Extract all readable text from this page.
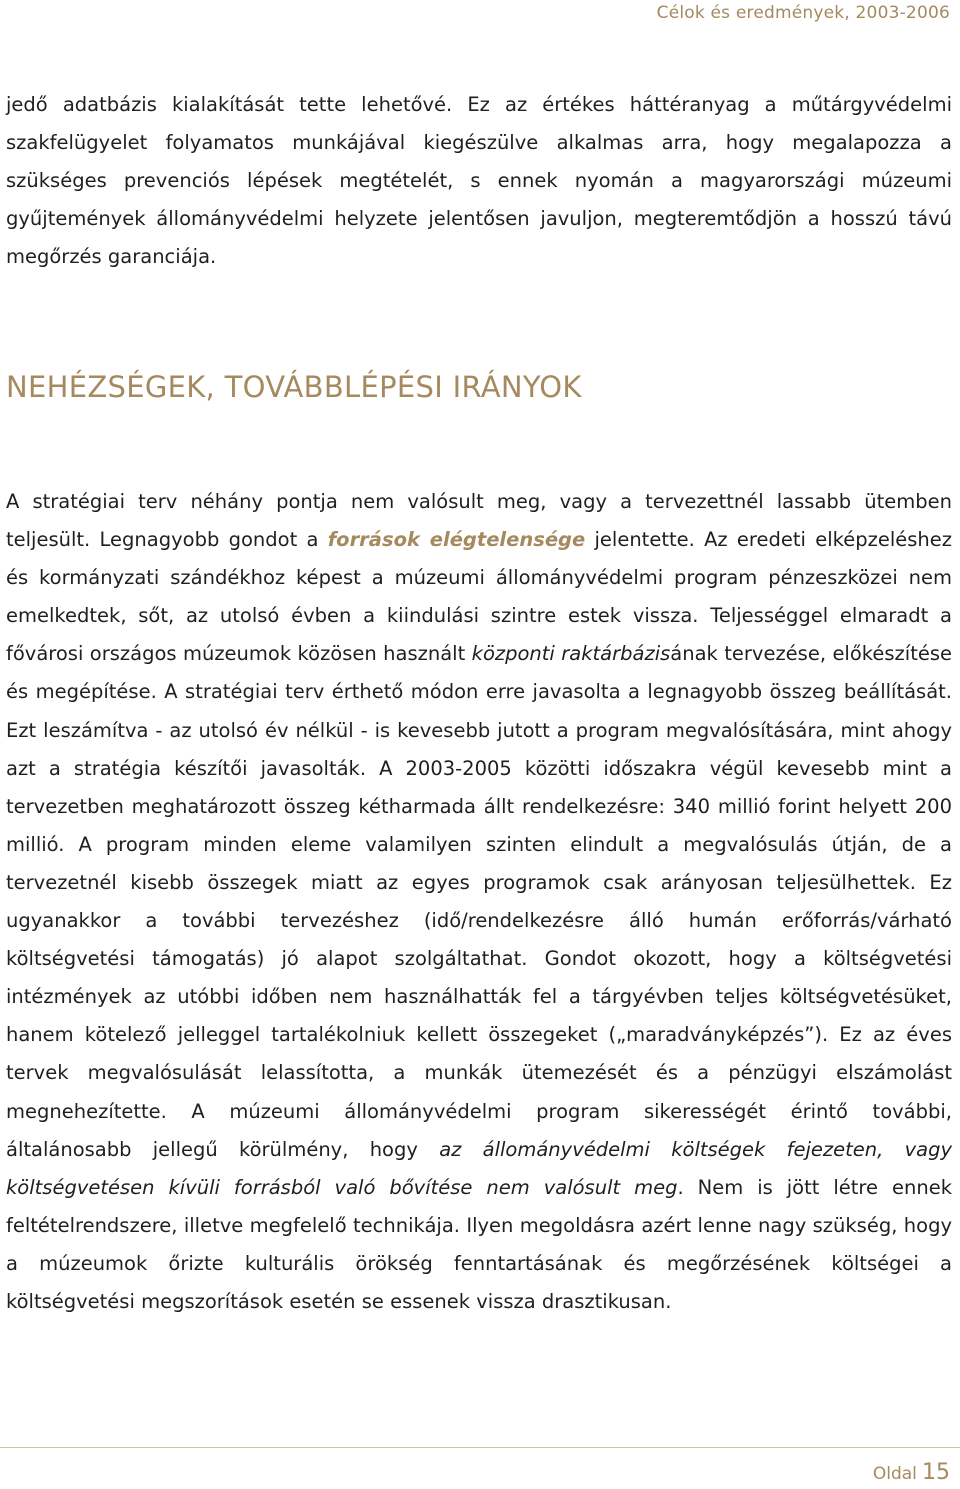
Célok és eredmények, 2003-2006

jedő adatbázis kialakítását tette lehetővé. Ez az értékes háttéranyag a műtárgyvédelmi szakfelügyelet folyamatos munkájával kiegészülve alkalmas arra, hogy megalapozza a szükséges prevenciós lépések megtételét, s ennek nyomán a magyarországi múzeumi gyűjtemények állományvédelmi helyzete jelentősen javuljon, megteremtődjön a hosszú távú megőrzés garanciája.

NEHÉZSÉGEK, TOVÁBBLÉPÉSI IRÁNYOK

A stratégiai terv néhány pontja nem valósult meg, vagy a tervezettnél lassabb ütemben teljesült. Legnagyobb gondot a források elégtelensége jelentette. Az eredeti elképzeléshez és kormányzati szándékhoz képest a múzeumi állományvédelmi program pénzeszközei nem emelkedtek, sőt, az utolsó évben a kiindulási szintre estek vissza. Teljességgel elmaradt a fővárosi országos múzeumok közösen használt központi raktárbázisának tervezése, előkészítése és megépítése. A stratégiai terv érthető módon erre javasolta a legnagyobb összeg beállítását. Ezt leszámítva - az utolsó év nélkül - is kevesebb jutott a program megvalósítására, mint ahogy azt a stratégia készítői javasolták. A 2003-2005 közötti időszakra végül kevesebb mint a tervezetben meghatározott összeg kétharmada állt rendelkezésre: 340 millió forint helyett 200 millió. A program minden eleme valamilyen szinten elindult a megvalósulás útján, de a tervezetnél kisebb összegek miatt az egyes programok csak arányosan teljesülhettek. Ez ugyanakkor a további tervezéshez (idő/rendelkezésre álló humán erőforrás/várható költségvetési támogatás) jó alapot szolgáltathat. Gondot okozott, hogy a költségvetési intézmények az utóbbi időben nem használhatták fel a tárgyévben teljes költségvetésüket, hanem kötelező jelleggel tartalékolniuk kellett összegeket („maradványképzés”). Ez az éves tervek megvalósulását lelassította, a munkák ütemezését és a pénzügyi elszámolást megnehezítette. A múzeumi állományvédelmi program sikerességét érintő további, általánosabb jellegű körülmény, hogy az állományvédelmi költségek fejezeten, vagy költségvetésen kívüli forrásból való bővítése nem valósult meg. Nem is jött létre ennek feltételrendszere, illetve megfelelő technikája. Ilyen megoldásra azért lenne nagy szükség, hogy a múzeumok őrizte kulturális örökség fenntartásának és megőrzésének költségei a költségvetési megszorítások esetén se essenek vissza drasztikusan.

Oldal 15
